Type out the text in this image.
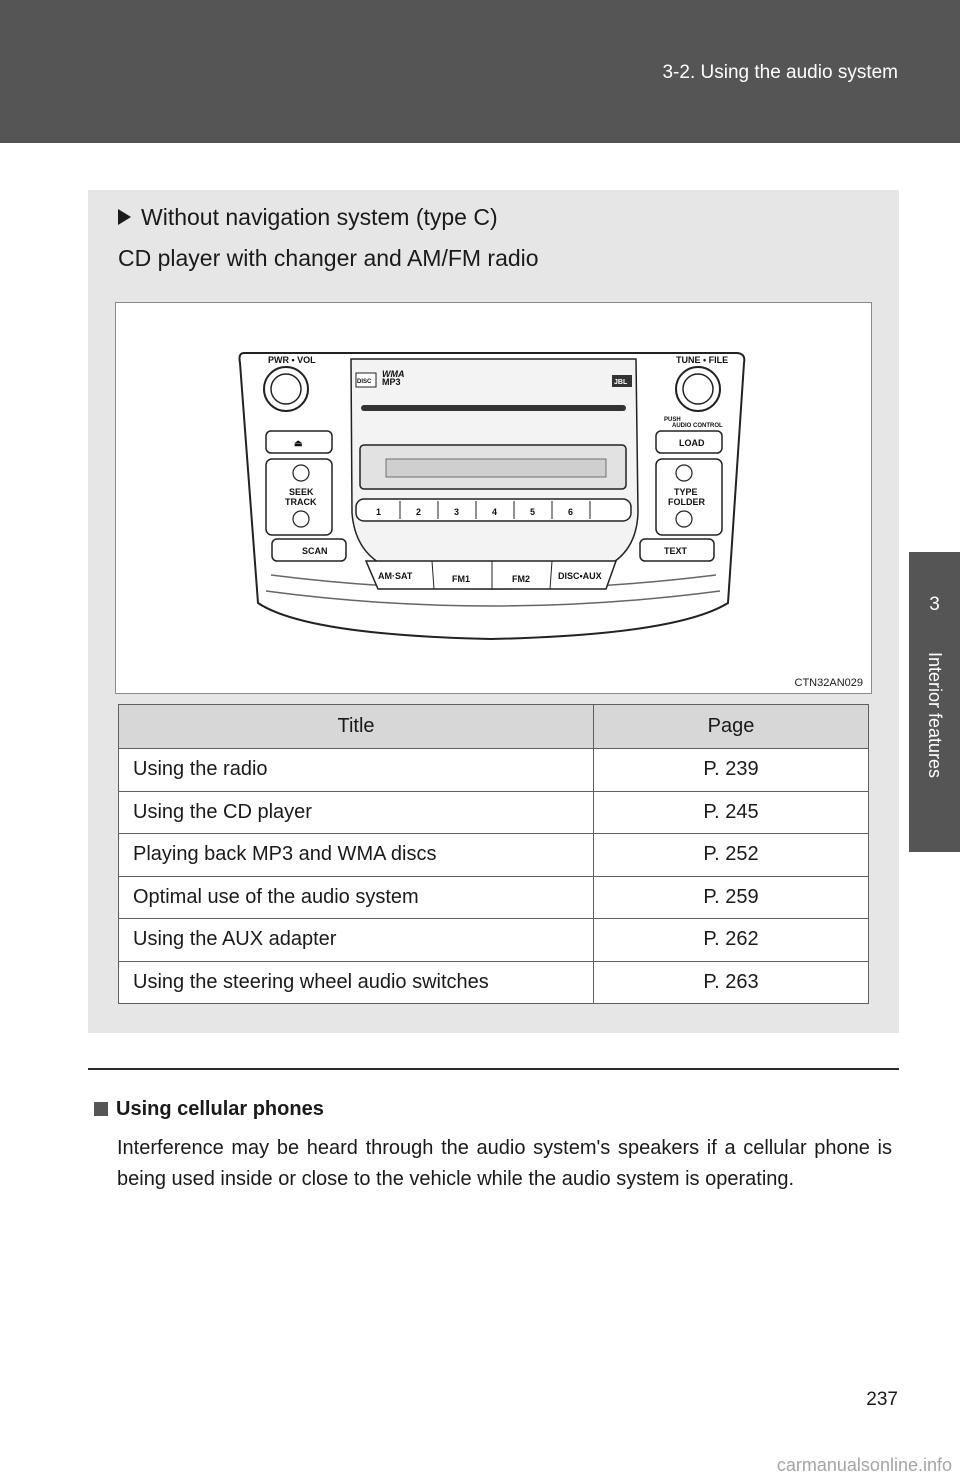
3-2. Using the audio system
3
Interior features
Without navigation system (type C)
CD player with changer and AM/FM radio
PWR • VOL	TUNE • FILE
PUSH
AUDIO CONTROL
LOAD
⏏
SEEK
TRACK
TYPE
FOLDER
SCAN	TEXT
AM·SAT	FM1	FM2	DISC•AUX
MP3
WMA
JBL
DISC
1	2	3	4	5	6
CTN32AN029
Title	Page
Using the radio	P. 239
Using the CD player	P. 245
Playing back MP3 and WMA discs	P. 252
Optimal use of the audio system	P. 259
Using the AUX adapter	P. 262
Using the steering wheel audio switches	P. 263
Using cellular phones
Interference may be heard through the audio system's speakers if a cellular phone is being used inside or close to the vehicle while the audio system is operating.
237
carmanualsonline.info
